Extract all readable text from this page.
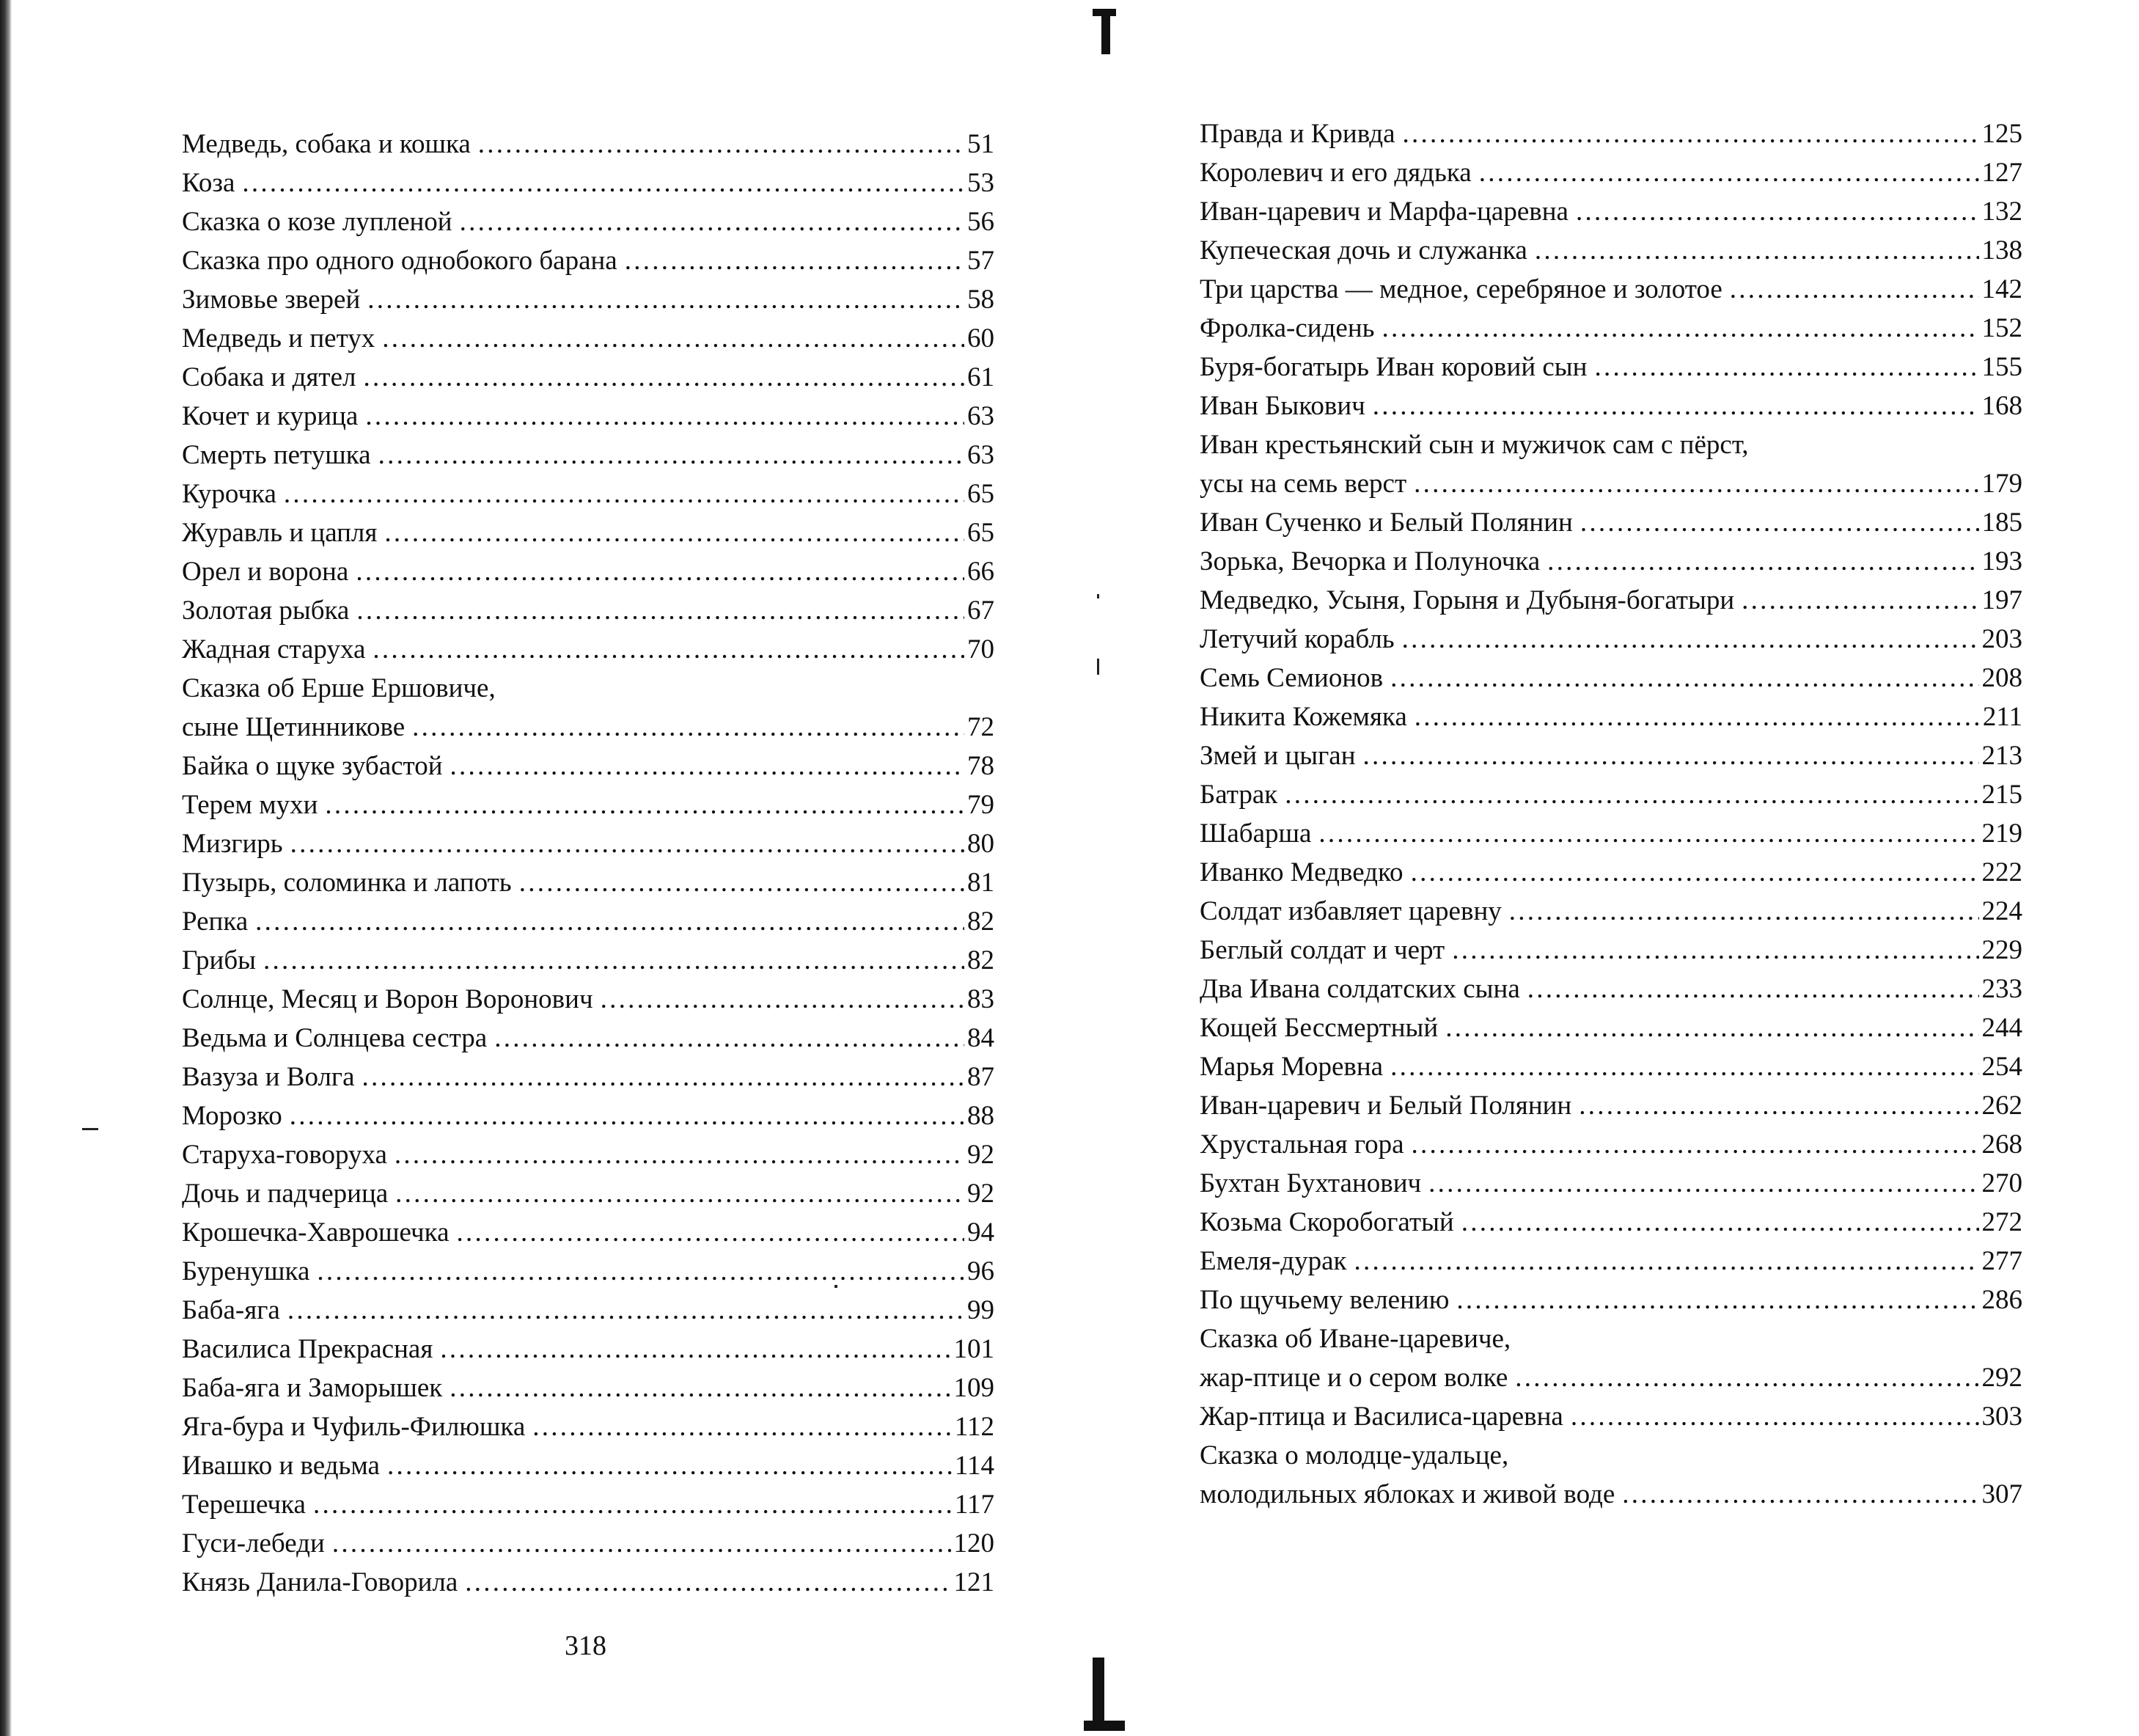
Медведь, собака и кошка . . .	51
Коза . . .	53
Сказка о козе лупленой . . .	56
Сказка про одного однобокого барана . . .	57
Зимовье зверей . . .	58
Медведь и петух . . .	60
Собака и дятел . . .	61
Кочет и курица . . .	63
Смерть петушка . . .	63
Курочка . . .	65
Журавль и цапля . . .	65
Орел и ворона . . .	66
Золотая рыбка . . .	67
Жадная старуха . . .	70
Сказка об Ерше Ершовиче,
сыне Щетинникове . . .	72
Байка о щуке зубастой . . .	78
Терем мухи . . .	79
Мизгирь . . .	80
Пузырь, соломинка и лапоть . . .	81
Репка . . .	82
Грибы . . .	82
Солнце, Месяц и Ворон Воронович . . .	83
Ведьма и Солнцева сестра . . .	84
Вазуза и Волга . . .	87
Морозко . . .	88
Старуха-говоруха . . .	92
Дочь и падчерица . . .	92
Крошечка-Хаврошечка . . .	94
Буренушка . . .	96
Баба-яга . . .	99
Василиса Прекрасная . . .	101
Баба-яга и Заморышек . . .	109
Яга-бура и Чуфиль-Филюшка . . .	112
Ивашко и ведьма . . .	114
Терешечка . . .	117
Гуси-лебеди . . .	120
Князь Данила-Говорила . . .	121
Правда и Кривда . . .	125
Королевич и его дядька . . .	127
Иван-царевич и Марфа-царевна . . .	132
Купеческая дочь и служанка . . .	138
Три царства — медное, серебряное и золотое . . .	142
Фролка-сидень . . .	152
Буря-богатырь Иван коровий сын . . .	155
Иван Быкович . . .	168
Иван крестьянский сын и мужичок сам с пёрст,
усы на семь верст . . .	179
Иван Сученко и Белый Полянин . . .	185
Зорька, Вечорка и Полуночка . . .	193
Медведко, Усыня, Горыня и Дубыня-богатыри . . .	197
Летучий корабль . . .	203
Семь Семионов . . .	208
Никита Кожемяка . . .	211
Змей и цыган . . .	213
Батрак . . .	215
Шабарша . . .	219
Иванко Медведко . . .	222
Солдат избавляет царевну . . .	224
Беглый солдат и черт . . .	229
Два Ивана солдатских сына . . .	233
Кощей Бессмертный . . .	244
Марья Моревна . . .	254
Иван-царевич и Белый Полянин . . .	262
Хрустальная гора . . .	268
Бухтан Бухтанович . . .	270
Козьма Скоробогатый . . .	272
Емеля-дурак . . .	277
По щучьему велению . . .	286
Сказка об Иване-царевиче,
жар-птице и о сером волке . . .	292
Жар-птица и Василиса-царевна . . .	303
Сказка о молодце-удальце,
молодильных яблоках и живой воде . . .	307
318
